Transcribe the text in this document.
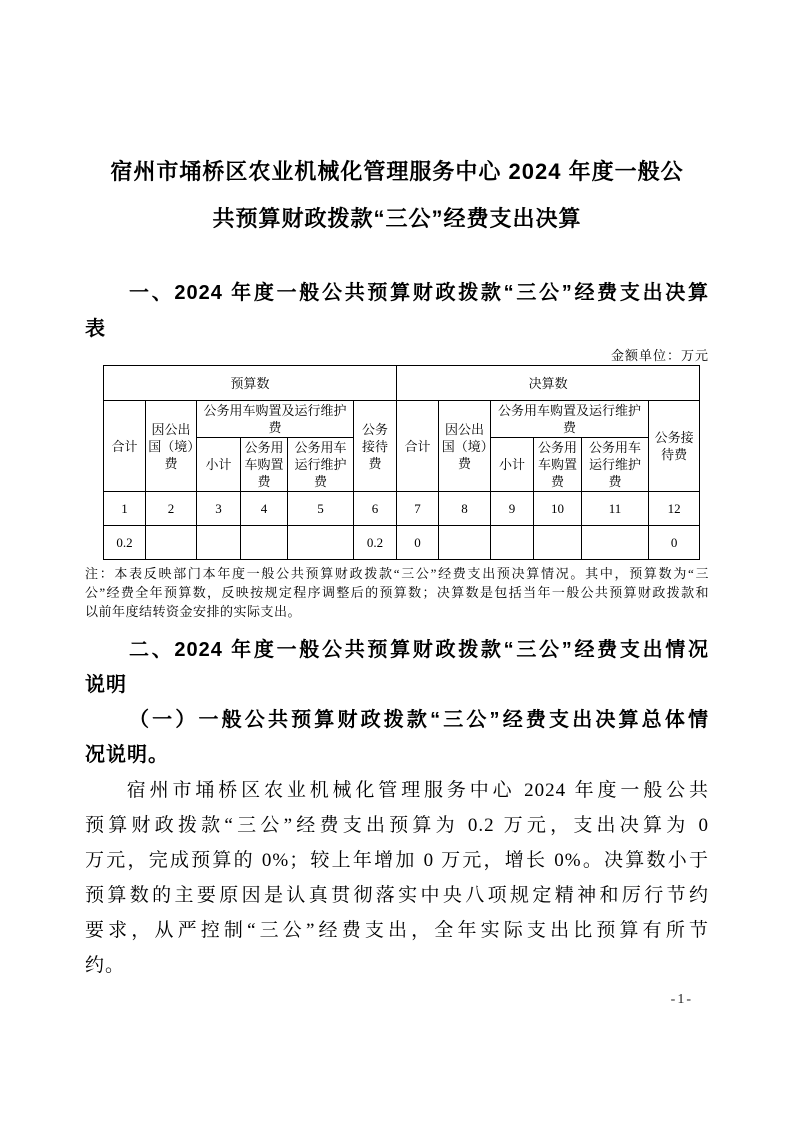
宿州市埇桥区农业机械化管理服务中心 2024 年度一般公
共预算财政拨款“三公”经费支出决算
一、2024 年度一般公共预算财政拨款“三公”经费支出决算
表
金额单位：万元
预算数						决算数					
合计	因公出国（境）费	公务用车购置及运行维护费			公务接待费	合计	因公出国（境）费	公务用车购置及运行维护费			公务接待费
		小计	公务用车购置费	公务用车运行维护费				小计	公务用车购置费	公务用车运行维护费	
1	2	3	4	5	6	7	8	9	10	11	12
0.2					0.2	0					0
注：本表反映部门本年度一般公共预算财政拨款“三公”经费支出预决算情况。其中，预算数为“三
公”经费全年预算数，反映按规定程序调整后的预算数；决算数是包括当年一般公共预算财政拨款和
以前年度结转资金安排的实际支出。
二、2024 年度一般公共预算财政拨款“三公”经费支出情况
说明
（一）一般公共预算财政拨款“三公”经费支出决算总体情
况说明。
宿州市埇桥区农业机械化管理服务中心 2024 年度一般公共
预算财政拨款“三公”经费支出预算为 0.2 万元，支出决算为 0
万元，完成预算的 0%；较上年增加 0 万元，增长 0%。决算数小于
预算数的主要原因是认真贯彻落实中央八项规定精神和厉行节约
要求，从严控制“三公”经费支出，全年实际支出比预算有所节
约。
-1-
